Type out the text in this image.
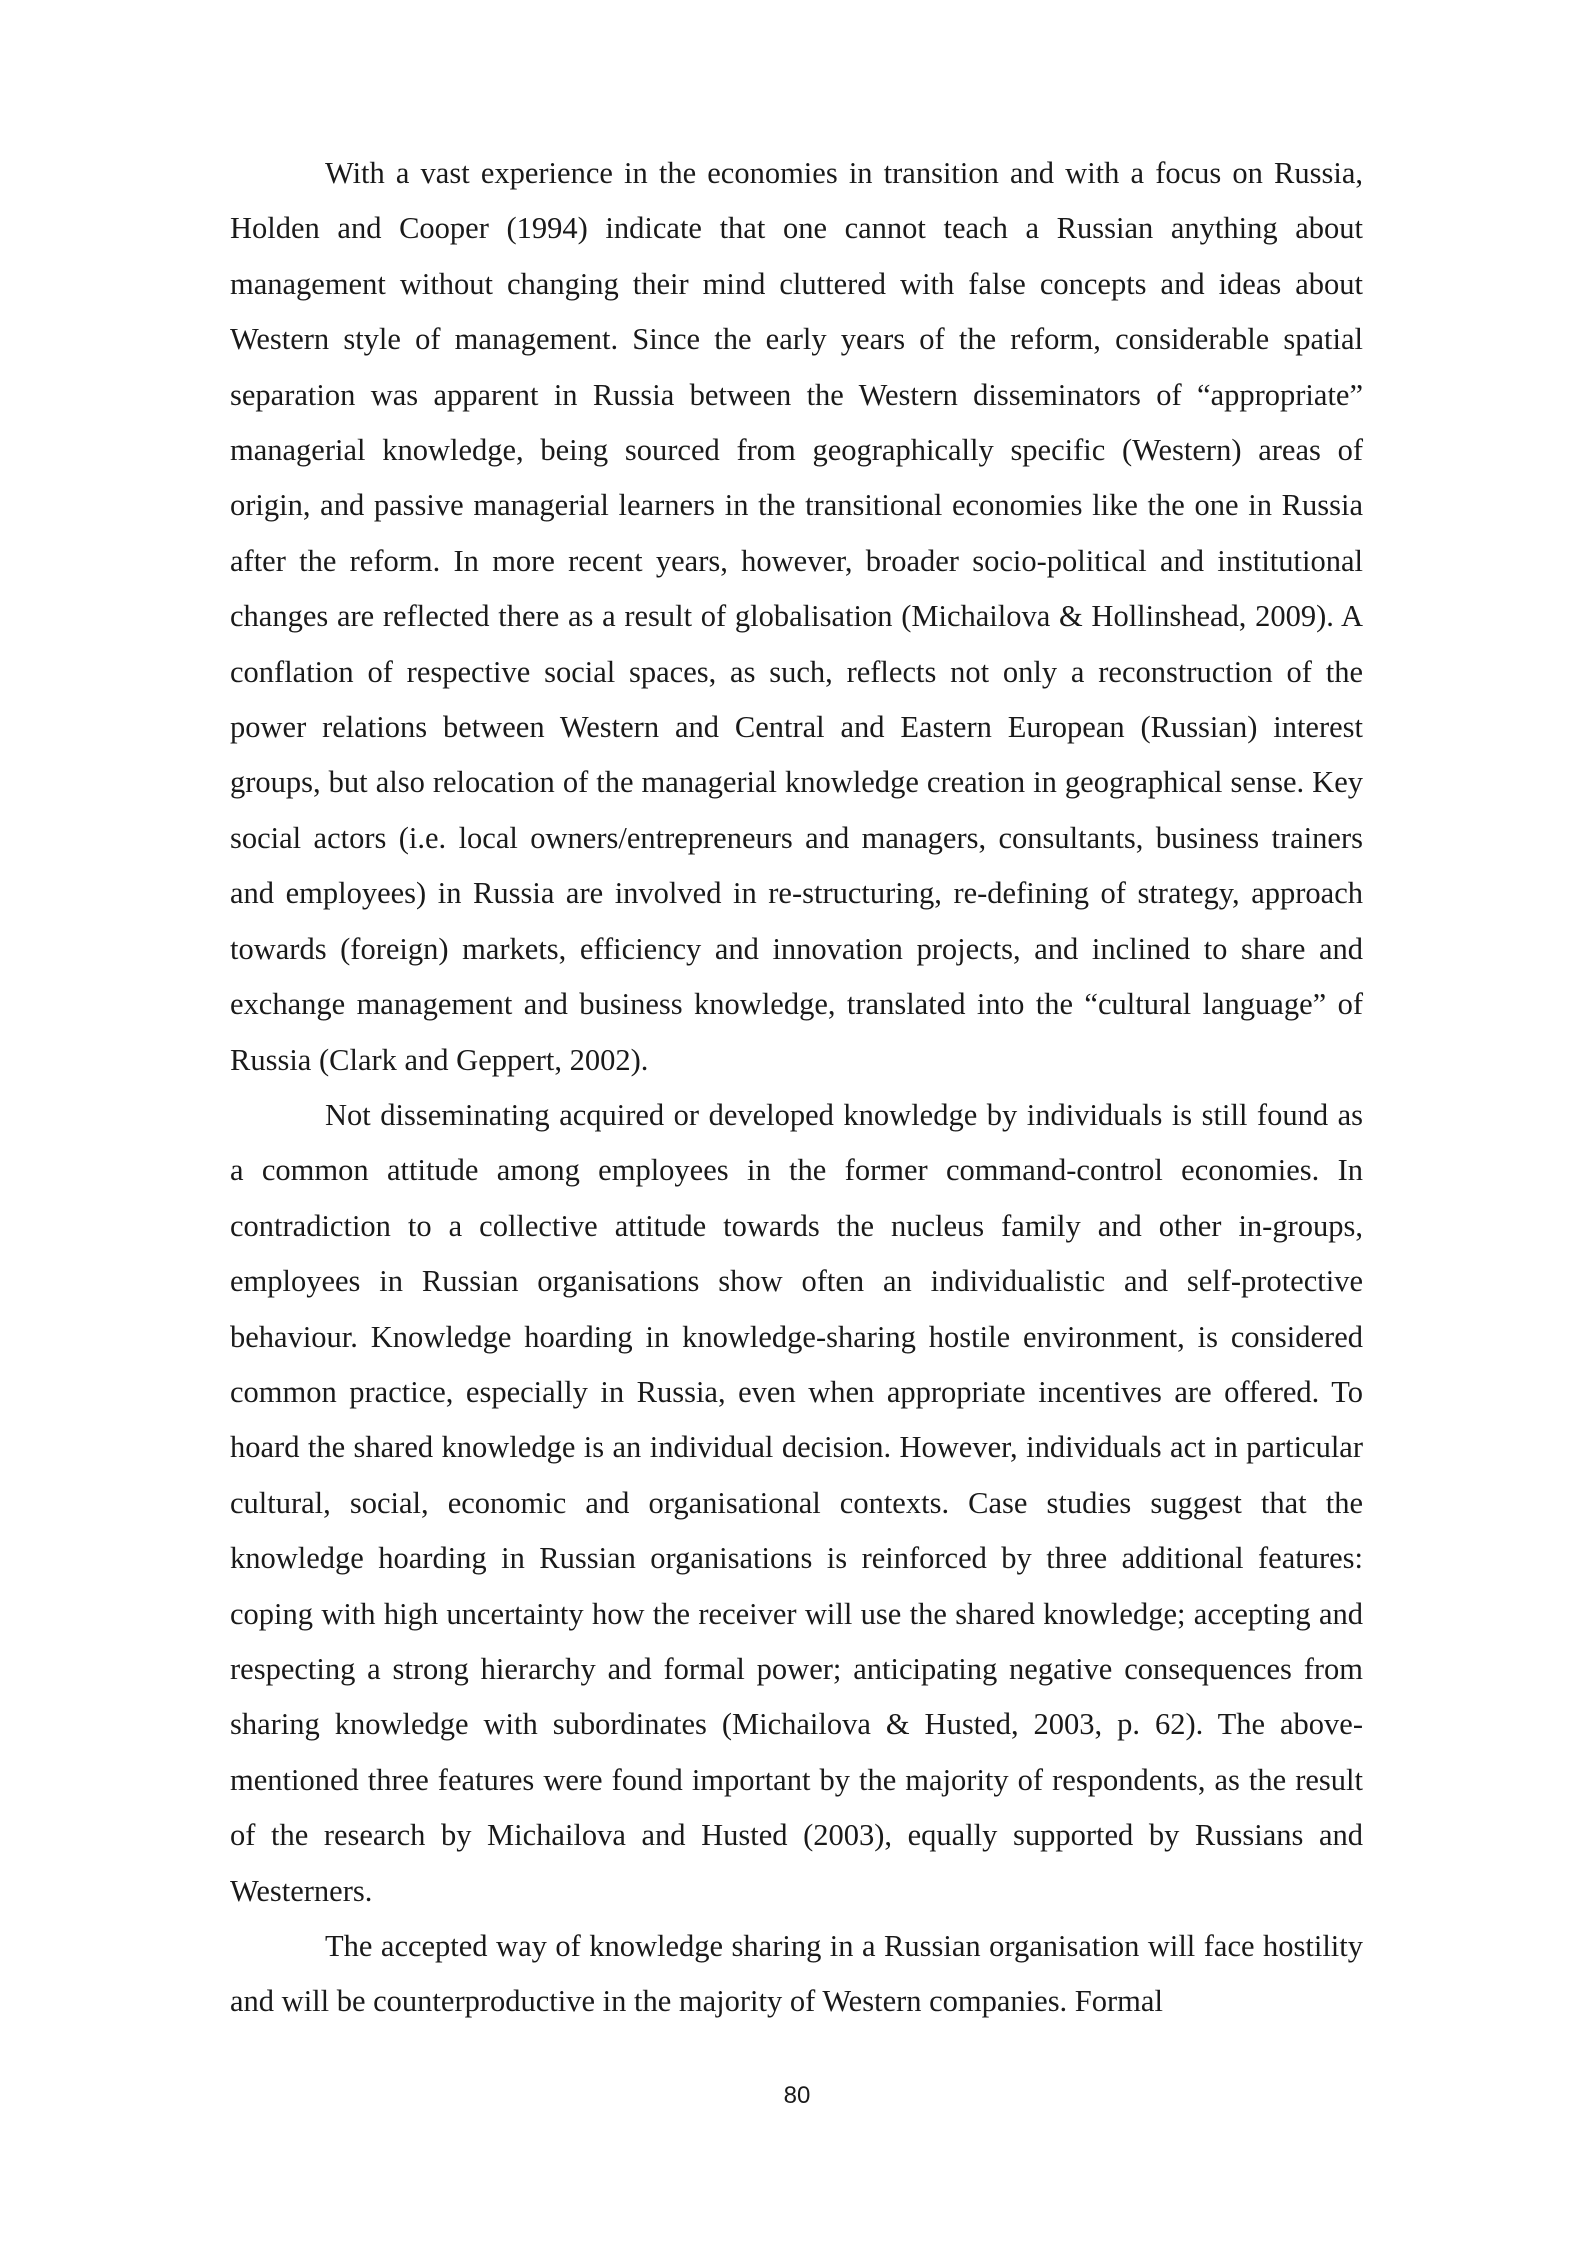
With a vast experience in the economies in transition and with a focus on Russia, Holden and Cooper (1994) indicate that one cannot teach a Russian anything about management without changing their mind cluttered with false concepts and ideas about Western style of management. Since the early years of the reform, considerable spatial separation was apparent in Russia between the Western disseminators of “appropriate” managerial knowledge, being sourced from geographically specific (Western) areas of origin, and passive managerial learners in the transitional economies like the one in Russia after the reform. In more recent years, however, broader socio-political and institutional changes are reflected there as a result of globalisation (Michailova & Hollinshead, 2009). A conflation of respective social spaces, as such, reflects not only a reconstruction of the power relations between Western and Central and Eastern European (Russian) interest groups, but also relocation of the managerial knowledge creation in geographical sense. Key social actors (i.e. local owners/entrepreneurs and managers, consultants, business trainers and employees) in Russia are involved in re-structuring, re-defining of strategy, approach towards (foreign) markets, efficiency and innovation projects, and inclined to share and exchange management and business knowledge, translated into the “cultural language” of Russia (Clark and Geppert, 2002).

Not disseminating acquired or developed knowledge by individuals is still found as a common attitude among employees in the former command-control economies. In contradiction to a collective attitude towards the nucleus family and other in-groups, employees in Russian organisations show often an individualistic and self-protective behaviour. Knowledge hoarding in knowledge-sharing hostile environment, is considered common practice, especially in Russia, even when appropriate incentives are offered. To hoard the shared knowledge is an individual decision. However, individuals act in particular cultural, social, economic and organisational contexts. Case studies suggest that the knowledge hoarding in Russian organisations is reinforced by three additional features: coping with high uncertainty how the receiver will use the shared knowledge; accepting and respecting a strong hierarchy and formal power; anticipating negative consequences from sharing knowledge with subordinates (Michailova & Husted, 2003, p. 62). The above-mentioned three features were found important by the majority of respondents, as the result of the research by Michailova and Husted (2003), equally supported by Russians and Westerners.

The accepted way of knowledge sharing in a Russian organisation will face hostility and will be counterproductive in the majority of Western companies. Formal

80
